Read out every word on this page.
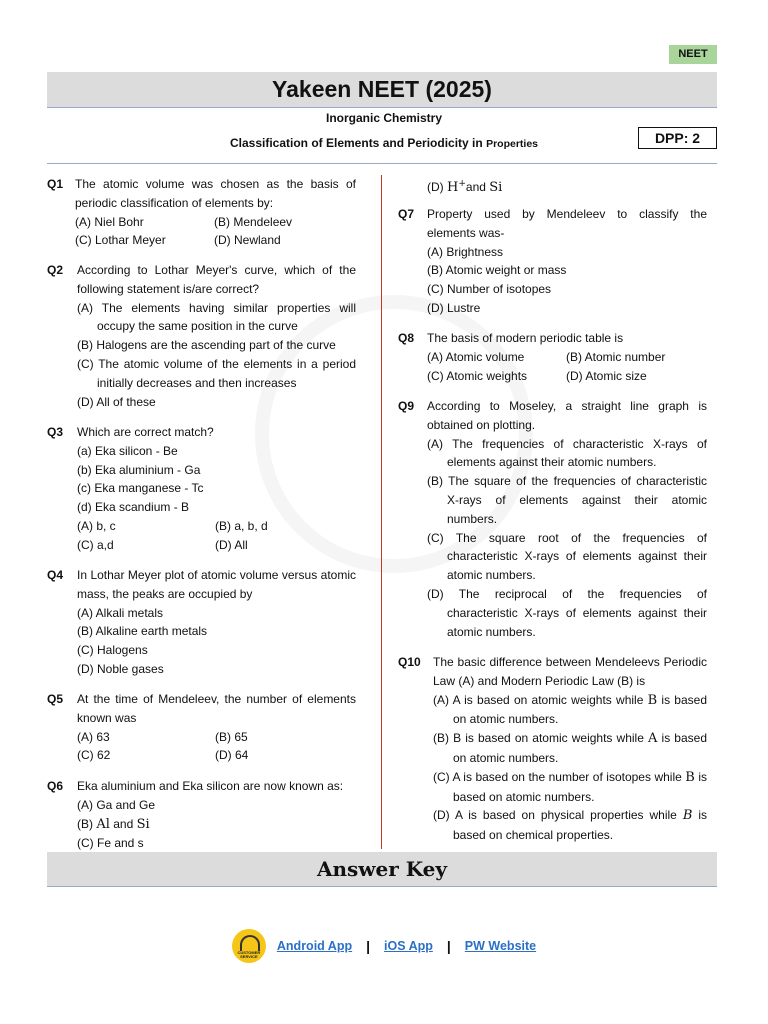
NEET
Yakeen NEET (2025)
Inorganic Chemistry
Classification of Elements and Periodicity in Properties	DPP: 2
Q1 The atomic volume was chosen as the basis of periodic classification of elements by:
(A) Niel Bohr	(B) Mendeleev
(C) Lothar Meyer	(D) Newland
Q2 According to Lothar Meyer's curve, which of the following statement is/are correct?
(A) The elements having similar properties will occupy the same position in the curve
(B) Halogens are the ascending part of the curve
(C) The atomic volume of the elements in a period initially decreases and then increases
(D) All of these
Q3 Which are correct match?
(a) Eka silicon - Be
(b) Eka aluminium - Ga
(c) Eka manganese - Tc
(d) Eka scandium - B
(A) b, c	(B) a, b, d
(C) a,d	(D) All
Q4 In Lothar Meyer plot of atomic volume versus atomic mass, the peaks are occupied by
(A) Alkali metals
(B) Alkaline earth metals
(C) Halogens
(D) Noble gases
Q5 At the time of Mendeleev, the number of elements known was
(A) 63	(B) 65
(C) 62	(D) 64
Q6 Eka aluminium and Eka silicon are now known as:
(A) Ga and Ge
(B) Al and Si
(C) Fe and s
(D) H+and Si
Q7 Property used by Mendeleev to classify the elements was-
(A) Brightness
(B) Atomic weight or mass
(C) Number of isotopes
(D) Lustre
Q8 The basis of modern periodic table is
(A) Atomic volume	(B) Atomic number
(C) Atomic weights	(D) Atomic size
Q9 According to Moseley, a straight line graph is obtained on plotting.
(A) The frequencies of characteristic X-rays of elements against their atomic numbers.
(B) The square of the frequencies of characteristic X-rays of elements against their atomic numbers.
(C) The square root of the frequencies of characteristic X-rays of elements against their atomic numbers.
(D) The reciprocal of the frequencies of characteristic X-rays of elements against their atomic numbers.
Q10 The basic difference between Mendeleevs Periodic Law (A) and Modern Periodic Law (B) is
(A) A is based on atomic weights while B is based on atomic numbers.
(B) B is based on atomic weights while A is based on atomic numbers.
(C) A is based on the number of isotopes while B is based on atomic numbers.
(D) A is based on physical properties while B is based on chemical properties.
Answer Key
CUSTOMER SERVICE
Android App | iOS App | PW Website
